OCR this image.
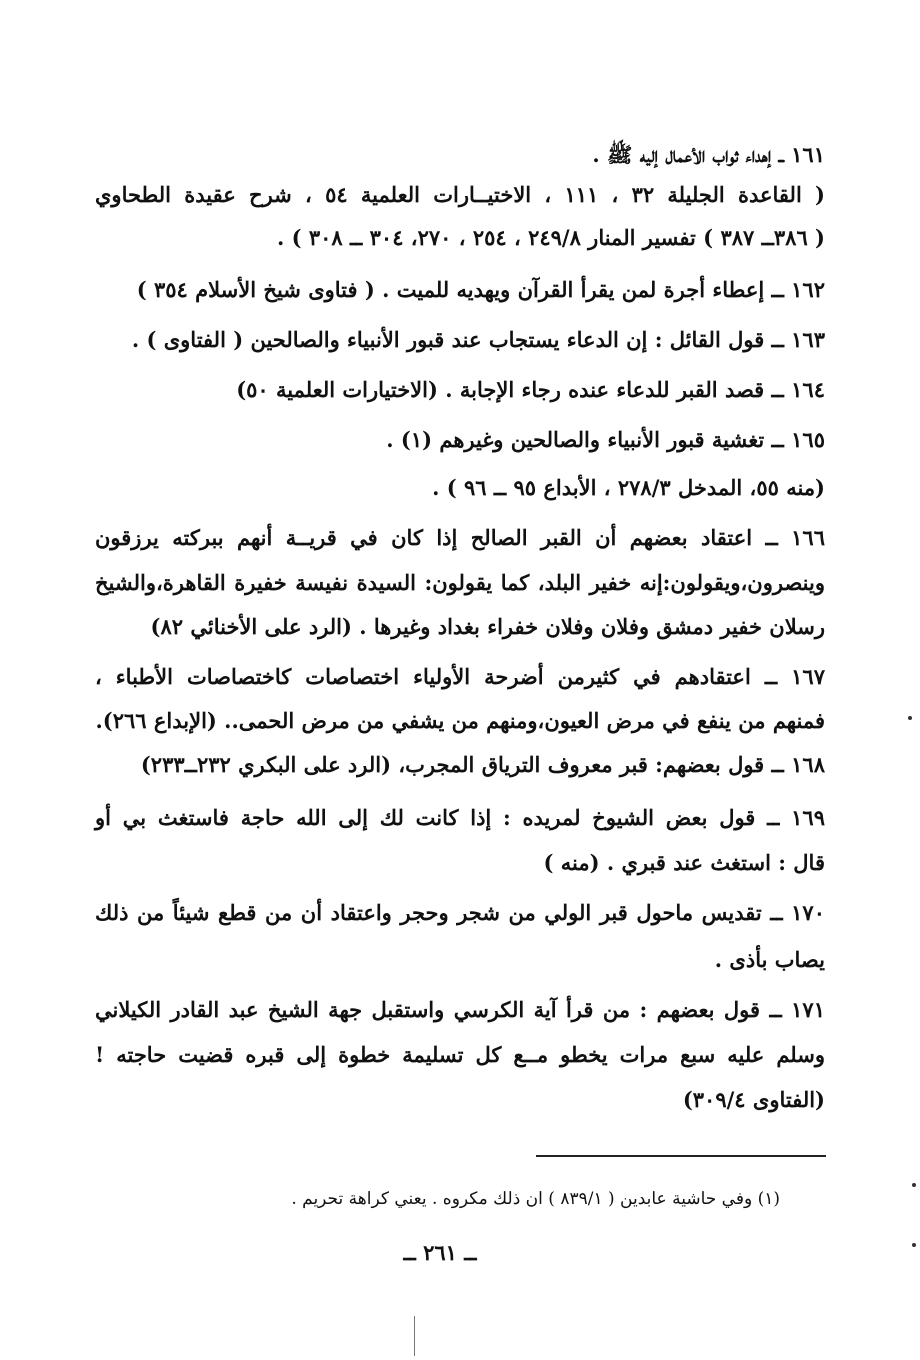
١٦١ ــ إهداء ثواب الأعمال إليه ﷺ .
( القاعدة الجليلة ٣٢ ، ١١١ ، الاختيــارات العلمية ٥٤ ، شرح عقيدة الطحاوي
( ٣٨٦ــ ٣٨٧ ) تفسير المنار ٢٤٩/٨ ، ٢٥٤ ، ٢٧٠، ٣٠٤ ــ ٣٠٨ ) .
١٦٢ ــ إعطاء أجرة لمن يقرأ القرآن ويهديه للميت . ( فتاوى شيخ الأسلام ٣٥٤ )
١٦٣ ــ قول القائل : إن الدعاء يستجاب عند قبور الأنبياء والصالحين ( الفتاوى ) .
١٦٤ ــ قصد القبر للدعاء عنده رجاء الإجابة . (الاختيارات العلمية ٥٠)
١٦٥ ــ تغشية قبور الأنبياء والصالحين وغيرهم (١) .
(منه ٥٥، المدخل ٢٧٨/٣ ، الأبداع ٩٥ ــ ٩٦ ) .
١٦٦ ــ اعتقاد بعضهم أن القبر الصالح إذا كان في قريــة أنهم ببركته يرزقون
وينصرون،ويقولون:إنه خفير البلد، كما يقولون: السيدة نفيسة خفيرة القاهرة،والشيخ
رسلان خفير دمشق وفلان وفلان خفراء بغداد وغيرها . (الرد على الأخنائي ٨٢)
١٦٧ ــ اعتقادهم في كثيرمن أضرحة الأولياء اختصاصات كاختصاصات الأطباء ،
فمنهم من ينفع في مرض العيون،ومنهم من يشفي من مرض الحمى.. (الإبداع ٢٦٦).
١٦٨ ــ قول بعضهم: قبر معروف الترياق المجرب، (الرد على البكري ٢٣٢ــ٢٣٣)
١٦٩ ــ قول بعض الشيوخ لمريده : إذا كانت لك إلى الله حاجة فاستغث بي أو
قال : استغث عند قبري . (منه )
١٧٠ ــ تقديس ماحول قبر الولي من شجر وحجر واعتقاد أن من قطع شيئاً من ذلك
يصاب بأذى .
١٧١ ــ قول بعضهم : من قرأ آية الكرسي واستقبل جهة الشيخ عبد القادر الكيلاني
وسلم عليه سبع مرات يخطو مــع كل تسليمة خطوة إلى قبره قضيت حاجته !
(الفتاوى ٣٠٩/٤)
(١) وفي حاشية عابدين ( ٨٣٩/١ ) ان ذلك مكروه . يعني كراهة تحريم .
ــ ٢٦١ ــ
